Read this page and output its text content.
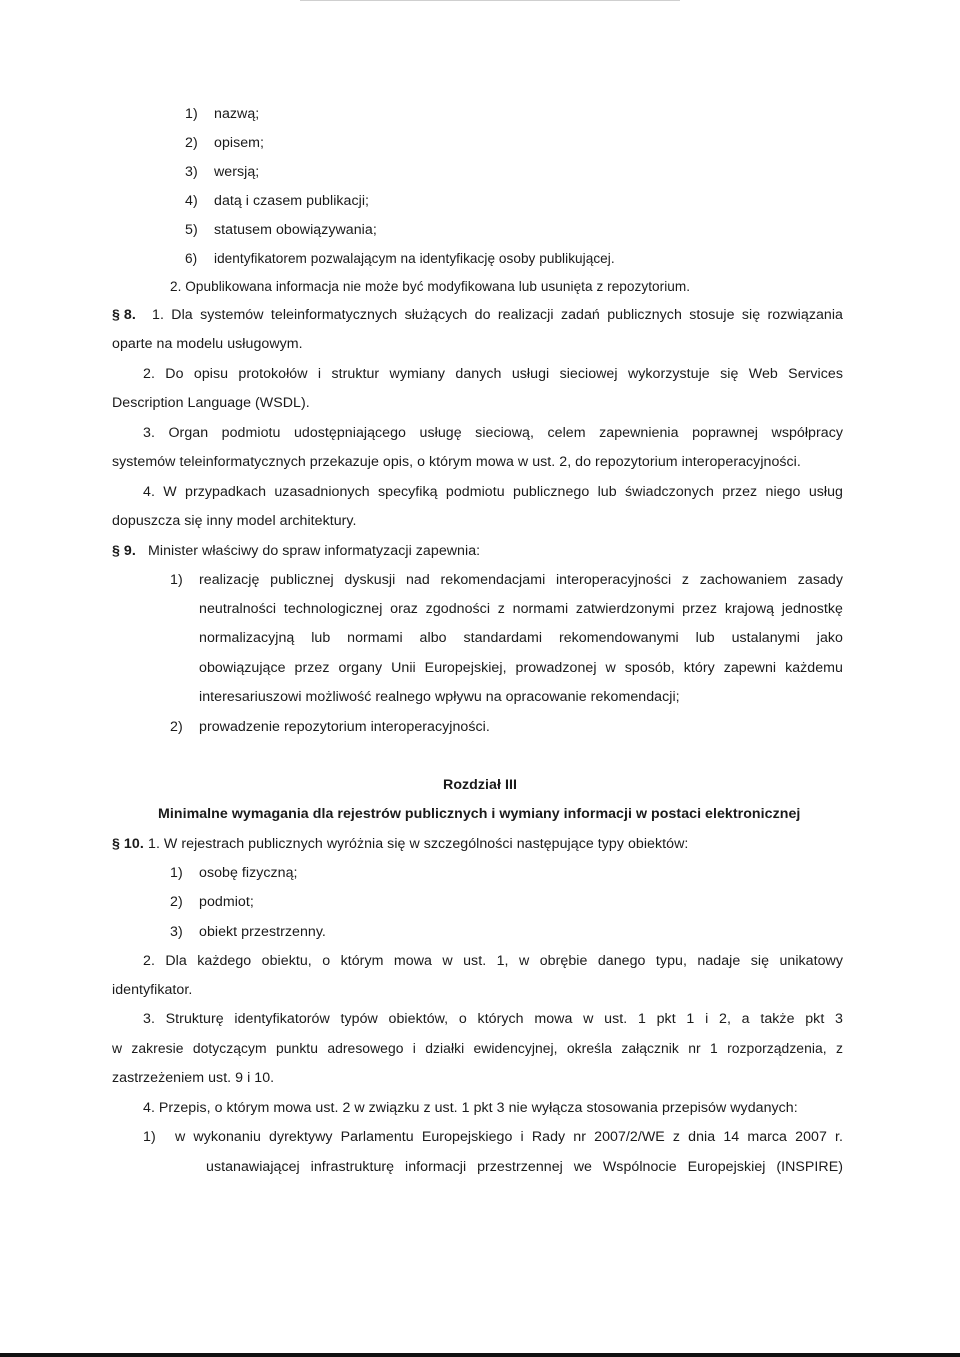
1) nazwą;
2) opisem;
3) wersją;
4) datą i czasem publikacji;
5) statusem obowiązywania;
6) identyfikatorem pozwalającym na identyfikację osoby publikującej.
2. Opublikowana informacja nie może być modyfikowana lub usunięta z repozytorium.
§ 8. 1. Dla systemów teleinformatycznych służących do realizacji zadań publicznych stosuje się rozwiązania
oparte na modelu usługowym.
2. Do opisu protokołów i struktur wymiany danych usługi sieciowej wykorzystuje się Web Services
Description Language (WSDL).
3. Organ podmiotu udostępniającego usługę sieciową, celem zapewnienia poprawnej współpracy
systemów teleinformatycznych przekazuje opis, o którym mowa w ust. 2, do repozytorium interoperacyjności.
4. W przypadkach uzasadnionych specyfiką podmiotu publicznego lub świadczonych przez niego usług
dopuszcza się inny model architektury.
§ 9. Minister właściwy do spraw informatyzacji zapewnia:
1) realizację publicznej dyskusji nad rekomendacjami interoperacyjności z zachowaniem zasady
neutralności technologicznej oraz zgodności z normami zatwierdzonymi przez krajową jednostkę
normalizacyjną lub normami albo standardami rekomendowanymi lub ustalanymi jako
obowiązujące przez organy Unii Europejskiej, prowadzonej w sposób, który zapewni każdemu
interesariuszowi możliwość realnego wpływu na opracowanie rekomendacji;
2) prowadzenie repozytorium interoperacyjności.
Rozdział III
Minimalne wymagania dla rejestrów publicznych i wymiany informacji w postaci elektronicznej
§ 10. 1. W rejestrach publicznych wyróżnia się w szczególności następujące typy obiektów:
1) osobę fizyczną;
2) podmiot;
3) obiekt przestrzenny.
2. Dla każdego obiektu, o którym mowa w ust. 1, w obrębie danego typu, nadaje się unikatowy
identyfikator.
3. Strukturę identyfikatorów typów obiektów, o których mowa w ust. 1 pkt 1 i 2, a także pkt 3
w zakresie dotyczącym punktu adresowego i działki ewidencyjnej, określa załącznik nr 1 rozporządzenia, z
zastrzeżeniem ust. 9 i 10.
4. Przepis, o którym mowa ust. 2 w związku z ust. 1 pkt 3 nie wyłącza stosowania przepisów wydanych:
1) w wykonaniu dyrektywy Parlamentu Europejskiego i Rady nr 2007/2/WE z dnia 14 marca 2007 r.
ustanawiającej infrastrukturę informacji przestrzennej we Wspólnocie Europejskiej (INSPIRE)
